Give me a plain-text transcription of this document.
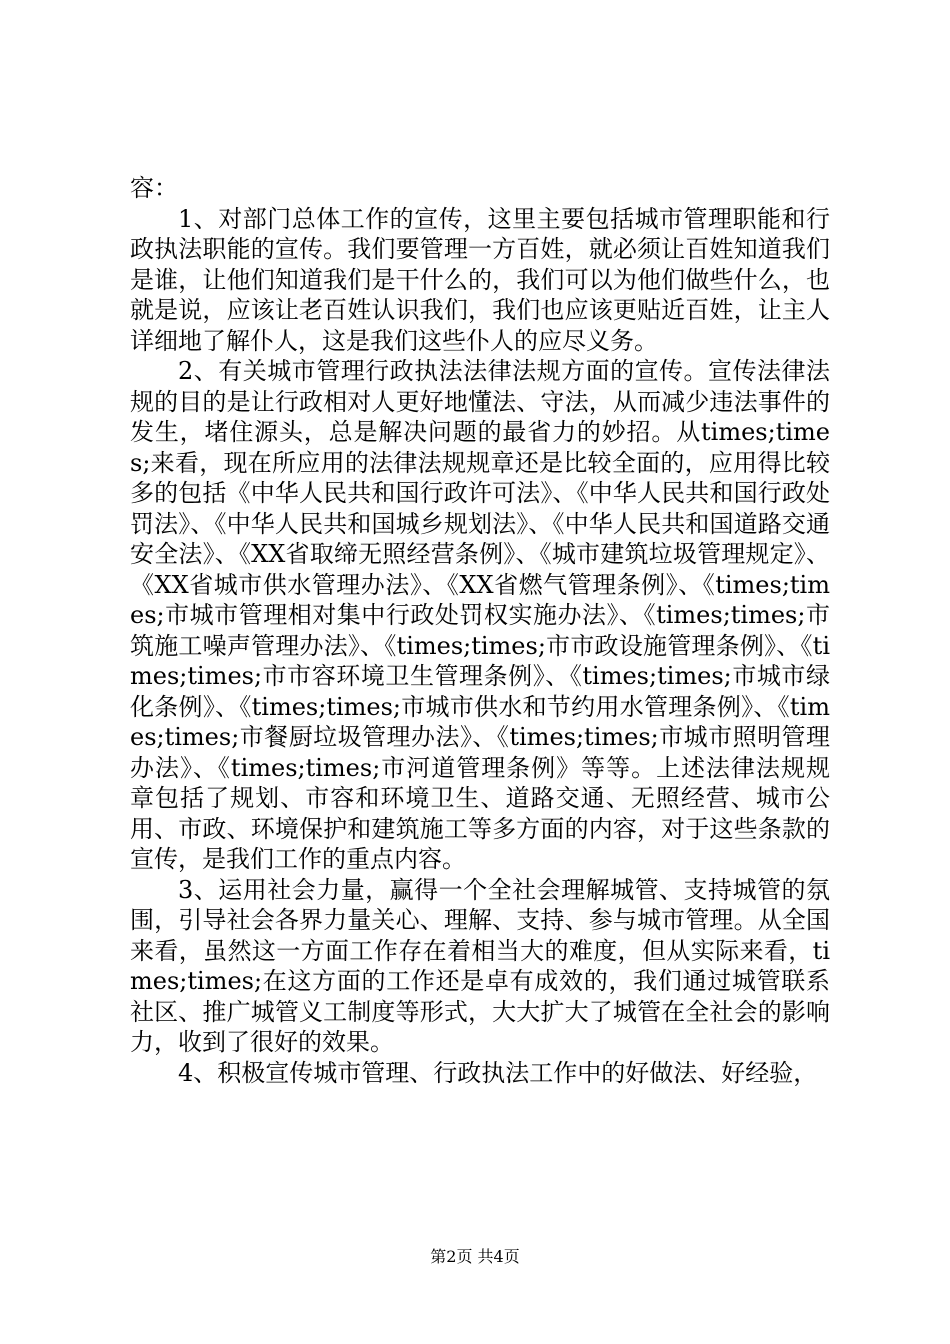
容：

1、对部门总体工作的宣传，这里主要包括城市管理职能和行政执法职能的宣传。我们要管理一方百姓，就必须让百姓知道我们是谁，让他们知道我们是干什么的，我们可以为他们做些什么，也就是说，应该让老百姓认识我们，我们也应该更贴近百姓，让主人详细地了解仆人，这是我们这些仆人的应尽义务。

2、有关城市管理行政执法法律法规方面的宣传。宣传法律法规的目的是让行政相对人更好地懂法、守法，从而减少违法事件的发生，堵住源头，总是解决问题的最省力的妙招。从times;times;来看，现在所应用的法律法规规章还是比较全面的，应用得比较多的包括《中华人民共和国行政许可法》、《中华人民共和国行政处罚法》、《中华人民共和国城乡规划法》、《中华人民共和国道路交通安全法》、《XX省取缔无照经营条例》、《城市建筑垃圾管理规定》、《XX省城市供水管理办法》、《XX省燃气管理条例》、《times;times;市城市管理相对集中行政处罚权实施办法》、《times;times;市筑施工噪声管理办法》、《times;times;市市政设施管理条例》、《times;times;市市容环境卫生管理条例》、《times;times;市城市绿化条例》、《times;times;市城市供水和节约用水管理条例》、《times;times;市餐厨垃圾管理办法》、《times;times;市城市照明管理办法》、《times;times;市河道管理条例》等等。上述法律法规规章包括了规划、市容和环境卫生、道路交通、无照经营、城市公用、市政、环境保护和建筑施工等多方面的内容，对于这些条款的宣传，是我们工作的重点内容。

3、运用社会力量，赢得一个全社会理解城管、支持城管的氛围，引导社会各界力量关心、理解、支持、参与城市管理。从全国来看，虽然这一方面工作存在着相当大的难度，但从实际来看，times;times;在这方面的工作还是卓有成效的，我们通过城管联系社区、推广城管义工制度等形式，大大扩大了城管在全社会的影响力，收到了很好的效果。

4、积极宣传城市管理、行政执法工作中的好做法、好经验，

第2页 共4页
